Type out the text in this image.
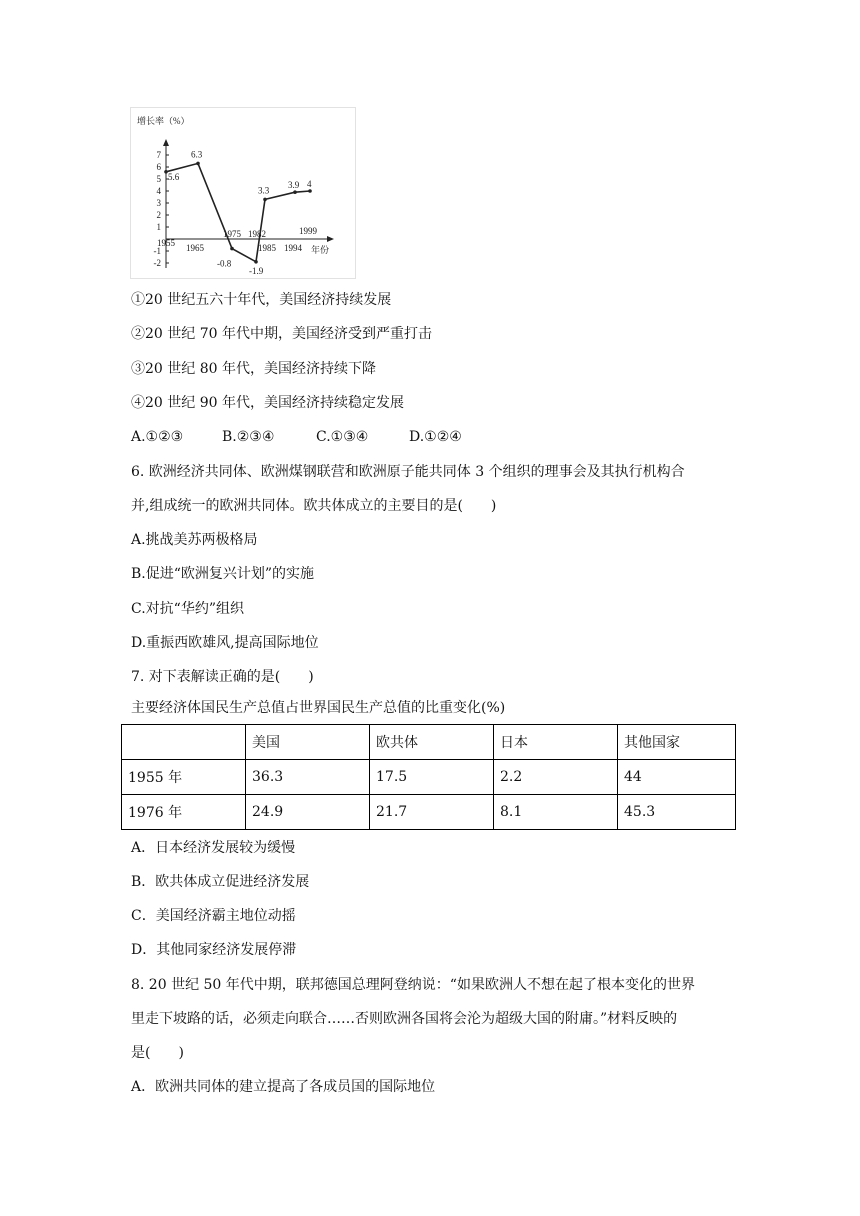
增长率（%）
年份
7
6
5
4
3
2
1
-1
-2
5.6
6.3
-0.8
-1.9
3.3
3.9 4
1955 1965
1975 1982
1985 1994
1999
①20 世纪五六十年代，美国经济持续发展
②20 世纪 70 年代中期，美国经济受到严重打击
③20 世纪 80 年代，美国经济持续下降
④20 世纪 90 年代，美国经济持续稳定发展
A.①②③	B.②③④	C.①③④	D.①②④
6. 欧洲经济共同体、欧洲煤钢联营和欧洲原子能共同体 3 个组织的理事会及其执行机构合
并,组成统一的欧洲共同体。欧共体成立的主要目的是(　　)
A.挑战美苏两极格局
B.促进“欧洲复兴计划”的实施
C.对抗“华约”组织
D.重振西欧雄风,提高国际地位
7. 对下表解读正确的是(　　)
主要经济体国民生产总值占世界国民生产总值的比重变化(%)
	美国	欧共体	日本	其他国家
1955 年	36.3	17.5	2.2	44
1976 年	24.9	21.7	8.1	45.3
A．日本经济发展较为缓慢
B．欧共体成立促进经济发展
C．美国经济霸主地位动摇
D．其他同家经济发展停滞
8. 20 世纪 50 年代中期，联邦德国总理阿登纳说：“如果欧洲人不想在起了根本变化的世界
里走下坡路的话，必须走向联合……否则欧洲各国将会沦为超级大国的附庸。”材料反映的
是(　　)
A．欧洲共同体的建立提高了各成员国的国际地位
